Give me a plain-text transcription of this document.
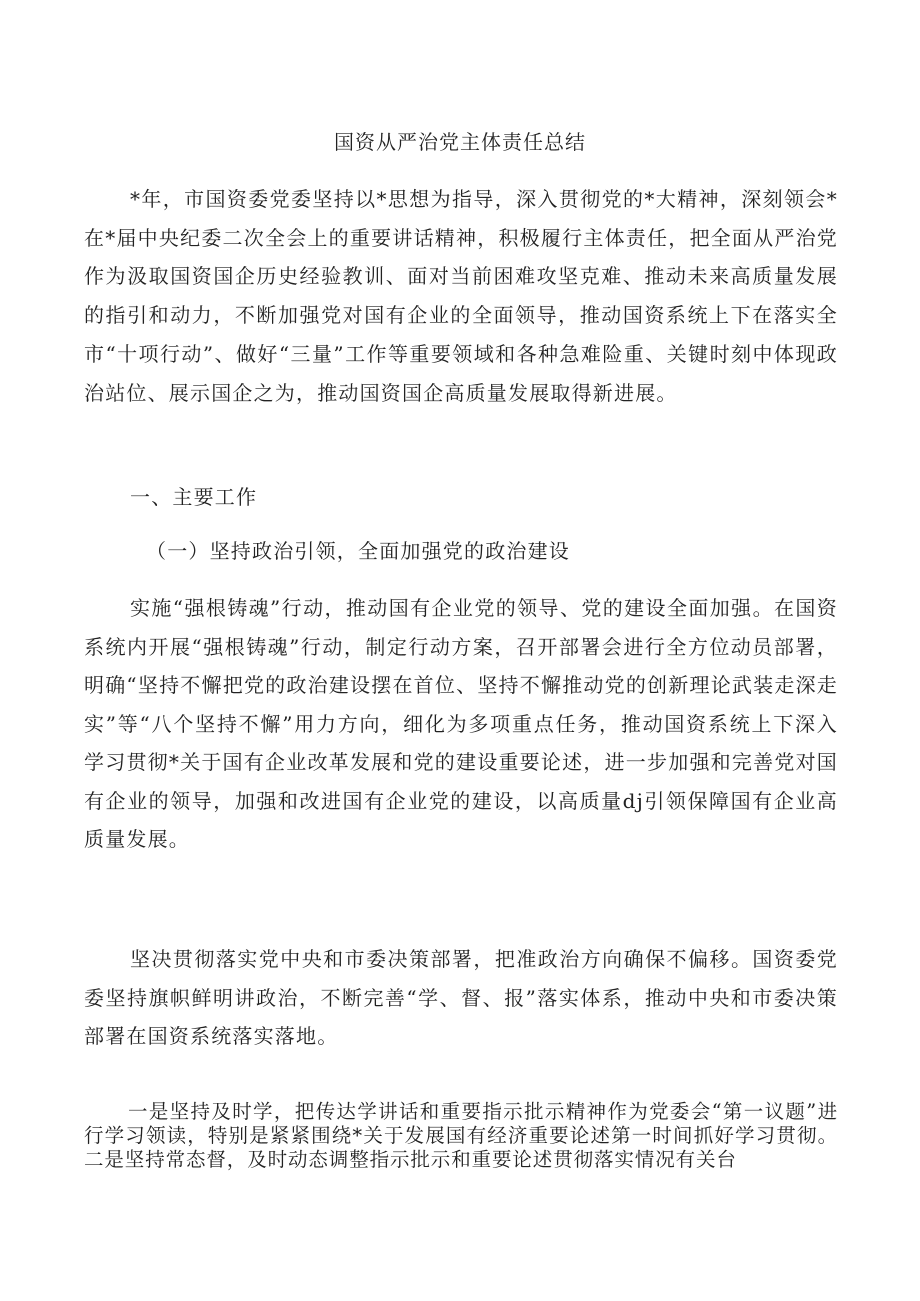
国资从严治党主体责任总结

*年，市国资委党委坚持以*思想为指导，深入贯彻党的*大精神，深刻领会*在*届中央纪委二次全会上的重要讲话精神，积极履行主体责任，把全面从严治党作为汲取国资国企历史经验教训、面对当前困难攻坚克难、推动未来高质量发展的指引和动力，不断加强党对国有企业的全面领导，推动国资系统上下在落实全市“十项行动”、做好“三量”工作等重要领域和各种急难险重、关键时刻中体现政治站位、展示国企之为，推动国资国企高质量发展取得新进展。

一、主要工作
（一）坚持政治引领，全面加强党的政治建设

实施“强根铸魂”行动，推动国有企业党的领导、党的建设全面加强。在国资系统内开展“强根铸魂”行动，制定行动方案，召开部署会进行全方位动员部署，明确“坚持不懈把党的政治建设摆在首位、坚持不懈推动党的创新理论武装走深走实”等“八个坚持不懈”用力方向，细化为多项重点任务，推动国资系统上下深入学习贯彻*关于国有企业改革发展和党的建设重要论述，进一步加强和完善党对国有企业的领导，加强和改进国有企业党的建设，以高质量dj引领保障国有企业高质量发展。

坚决贯彻落实党中央和市委决策部署，把准政治方向确保不偏移。国资委党委坚持旗帜鲜明讲政治，不断完善“学、督、报”落实体系，推动中央和市委决策部署在国资系统落实落地。

一是坚持及时学，把传达学讲话和重要指示批示精神作为党委会“第一议题”进行学习领读，特别是紧紧围绕*关于发展国有经济重要论述第一时间抓好学习贯彻。二是坚持常态督，及时动态调整指示批示和重要论述贯彻落实情况有关台
